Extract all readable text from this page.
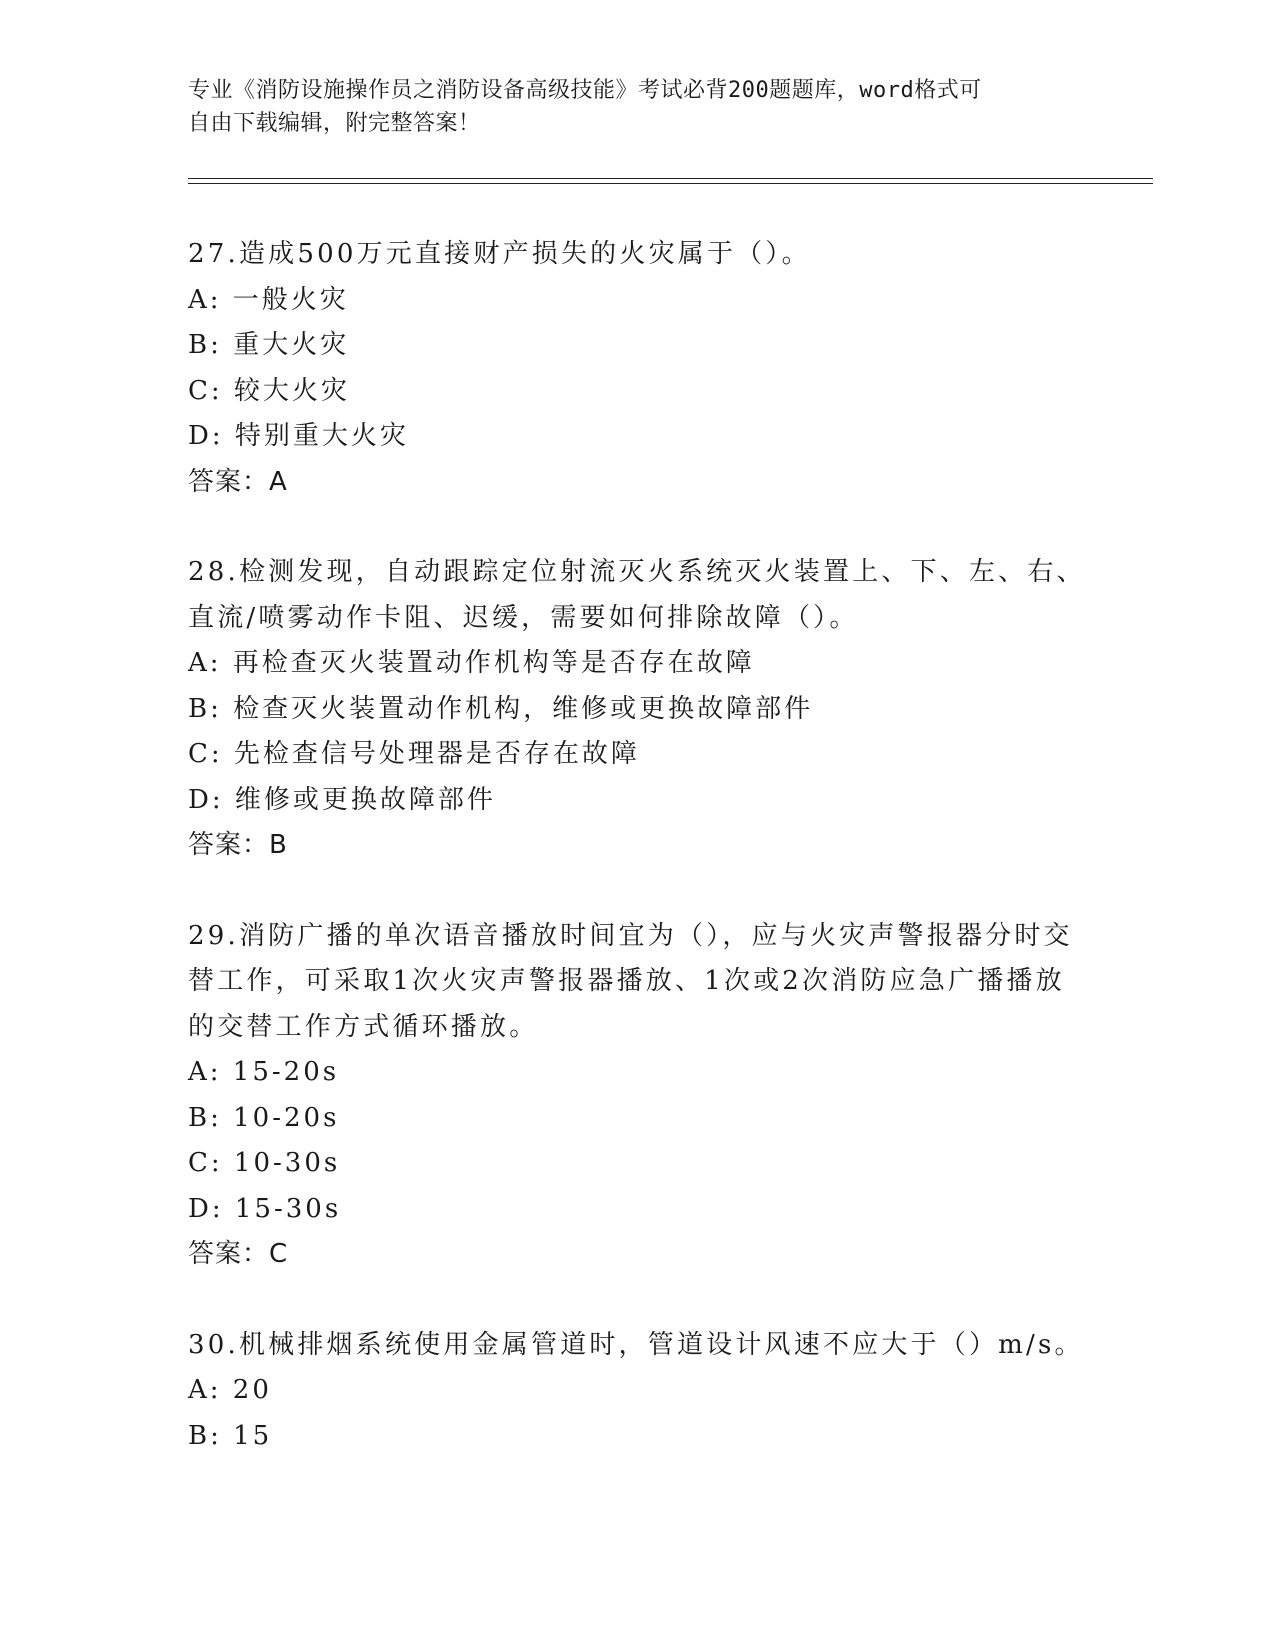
专业《消防设施操作员之消防设备高级技能》考试必背200题题库，word格式可
自由下载编辑，附完整答案！
27.造成500万元直接财产损失的火灾属于（）。
A: 一般火灾
B: 重大火灾
C: 较大火灾
D: 特别重大火灾
答案：A
28.检测发现，自动跟踪定位射流灭火系统灭火装置上、下、左、右、
直流/喷雾动作卡阻、迟缓，需要如何排除故障（）。
A: 再检查灭火装置动作机构等是否存在故障
B: 检查灭火装置动作机构，维修或更换故障部件
C: 先检查信号处理器是否存在故障
D: 维修或更换故障部件
答案：B
29.消防广播的单次语音播放时间宜为（），应与火灾声警报器分时交
替工作，可采取1次火灾声警报器播放、1次或2次消防应急广播播放
的交替工作方式循环播放。
A: 15-20s
B: 10-20s
C: 10-30s
D: 15-30s
答案：C
30.机械排烟系统使用金属管道时，管道设计风速不应大于（）m/s。
A: 20
B: 15
